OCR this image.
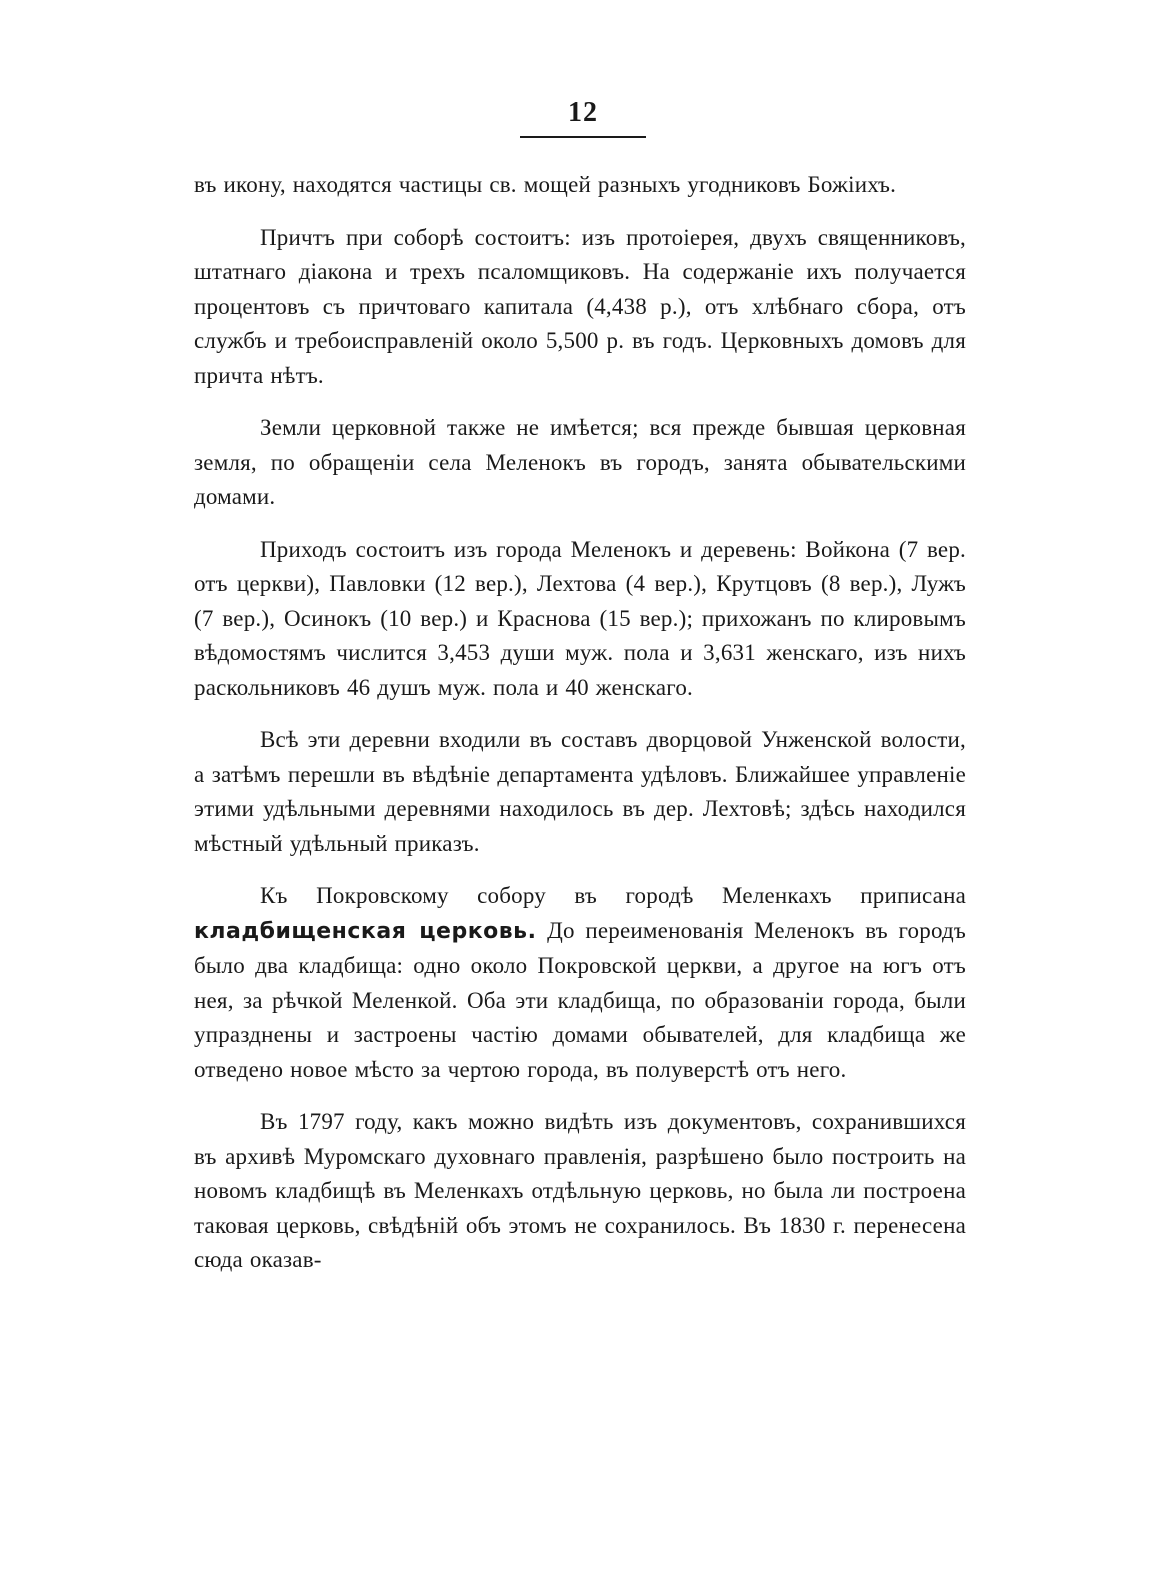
12

въ икону, находятся частицы св. мощей разныхъ угодниковъ Божіихъ.

Причтъ при соборѣ состоитъ: изъ протоіерея, двухъ священниковъ, штатнаго діакона и трехъ псаломщиковъ. На содержаніе ихъ получается процентовъ съ причтоваго капитала (4,438 р.), отъ хлѣбнаго сбора, отъ службъ и требоисправленій около 5,500 р. въ годъ. Церковныхъ домовъ для причта нѣтъ.

Земли церковной также не имѣется; вся прежде бывшая церковная земля, по обращеніи села Меленокъ въ городъ, занята обывательскими домами.

Приходъ состоитъ изъ города Меленокъ и деревень: Войкона (7 вер. отъ церкви), Павловки (12 вер.), Лехтова (4 вер.), Крутцовъ (8 вер.), Лужъ (7 вер.), Осинокъ (10 вер.) и Краснова (15 вер.); прихожанъ по клировымъ вѣдомостямъ числится 3,453 души муж. пола и 3,631 женскаго, изъ нихъ раскольниковъ 46 душъ муж. пола и 40 женскаго.

Всѣ эти деревни входили въ составъ дворцовой Унженской волости, а затѣмъ перешли въ вѣдѣніе департамента удѣловъ. Ближайшее управленіе этими удѣльными деревнями находилось въ дер. Лехтовѣ; здѣсь находился мѣстный удѣльный приказъ.

Къ Покровскому собору въ городѣ Меленкахъ приписана кладбищенская церковь. До переименованія Меленокъ въ городъ было два кладбища: одно около Покровской церкви, а другое на югъ отъ нея, за рѣчкой Меленкой. Оба эти кладбища, по образованіи города, были упразднены и застроены частію домами обывателей, для кладбища же отведено новое мѣсто за чертою города, въ полуверстѣ отъ него.

Въ 1797 году, какъ можно видѣть изъ документовъ, сохранившихся въ архивѣ Муромскаго духовнаго правленія, разрѣшено было построить на новомъ кладбищѣ въ Меленкахъ отдѣльную церковь, но была ли построена таковая церковь, свѣдѣній объ этомъ не сохранилось. Въ 1830 г. перенесена сюда оказав-
